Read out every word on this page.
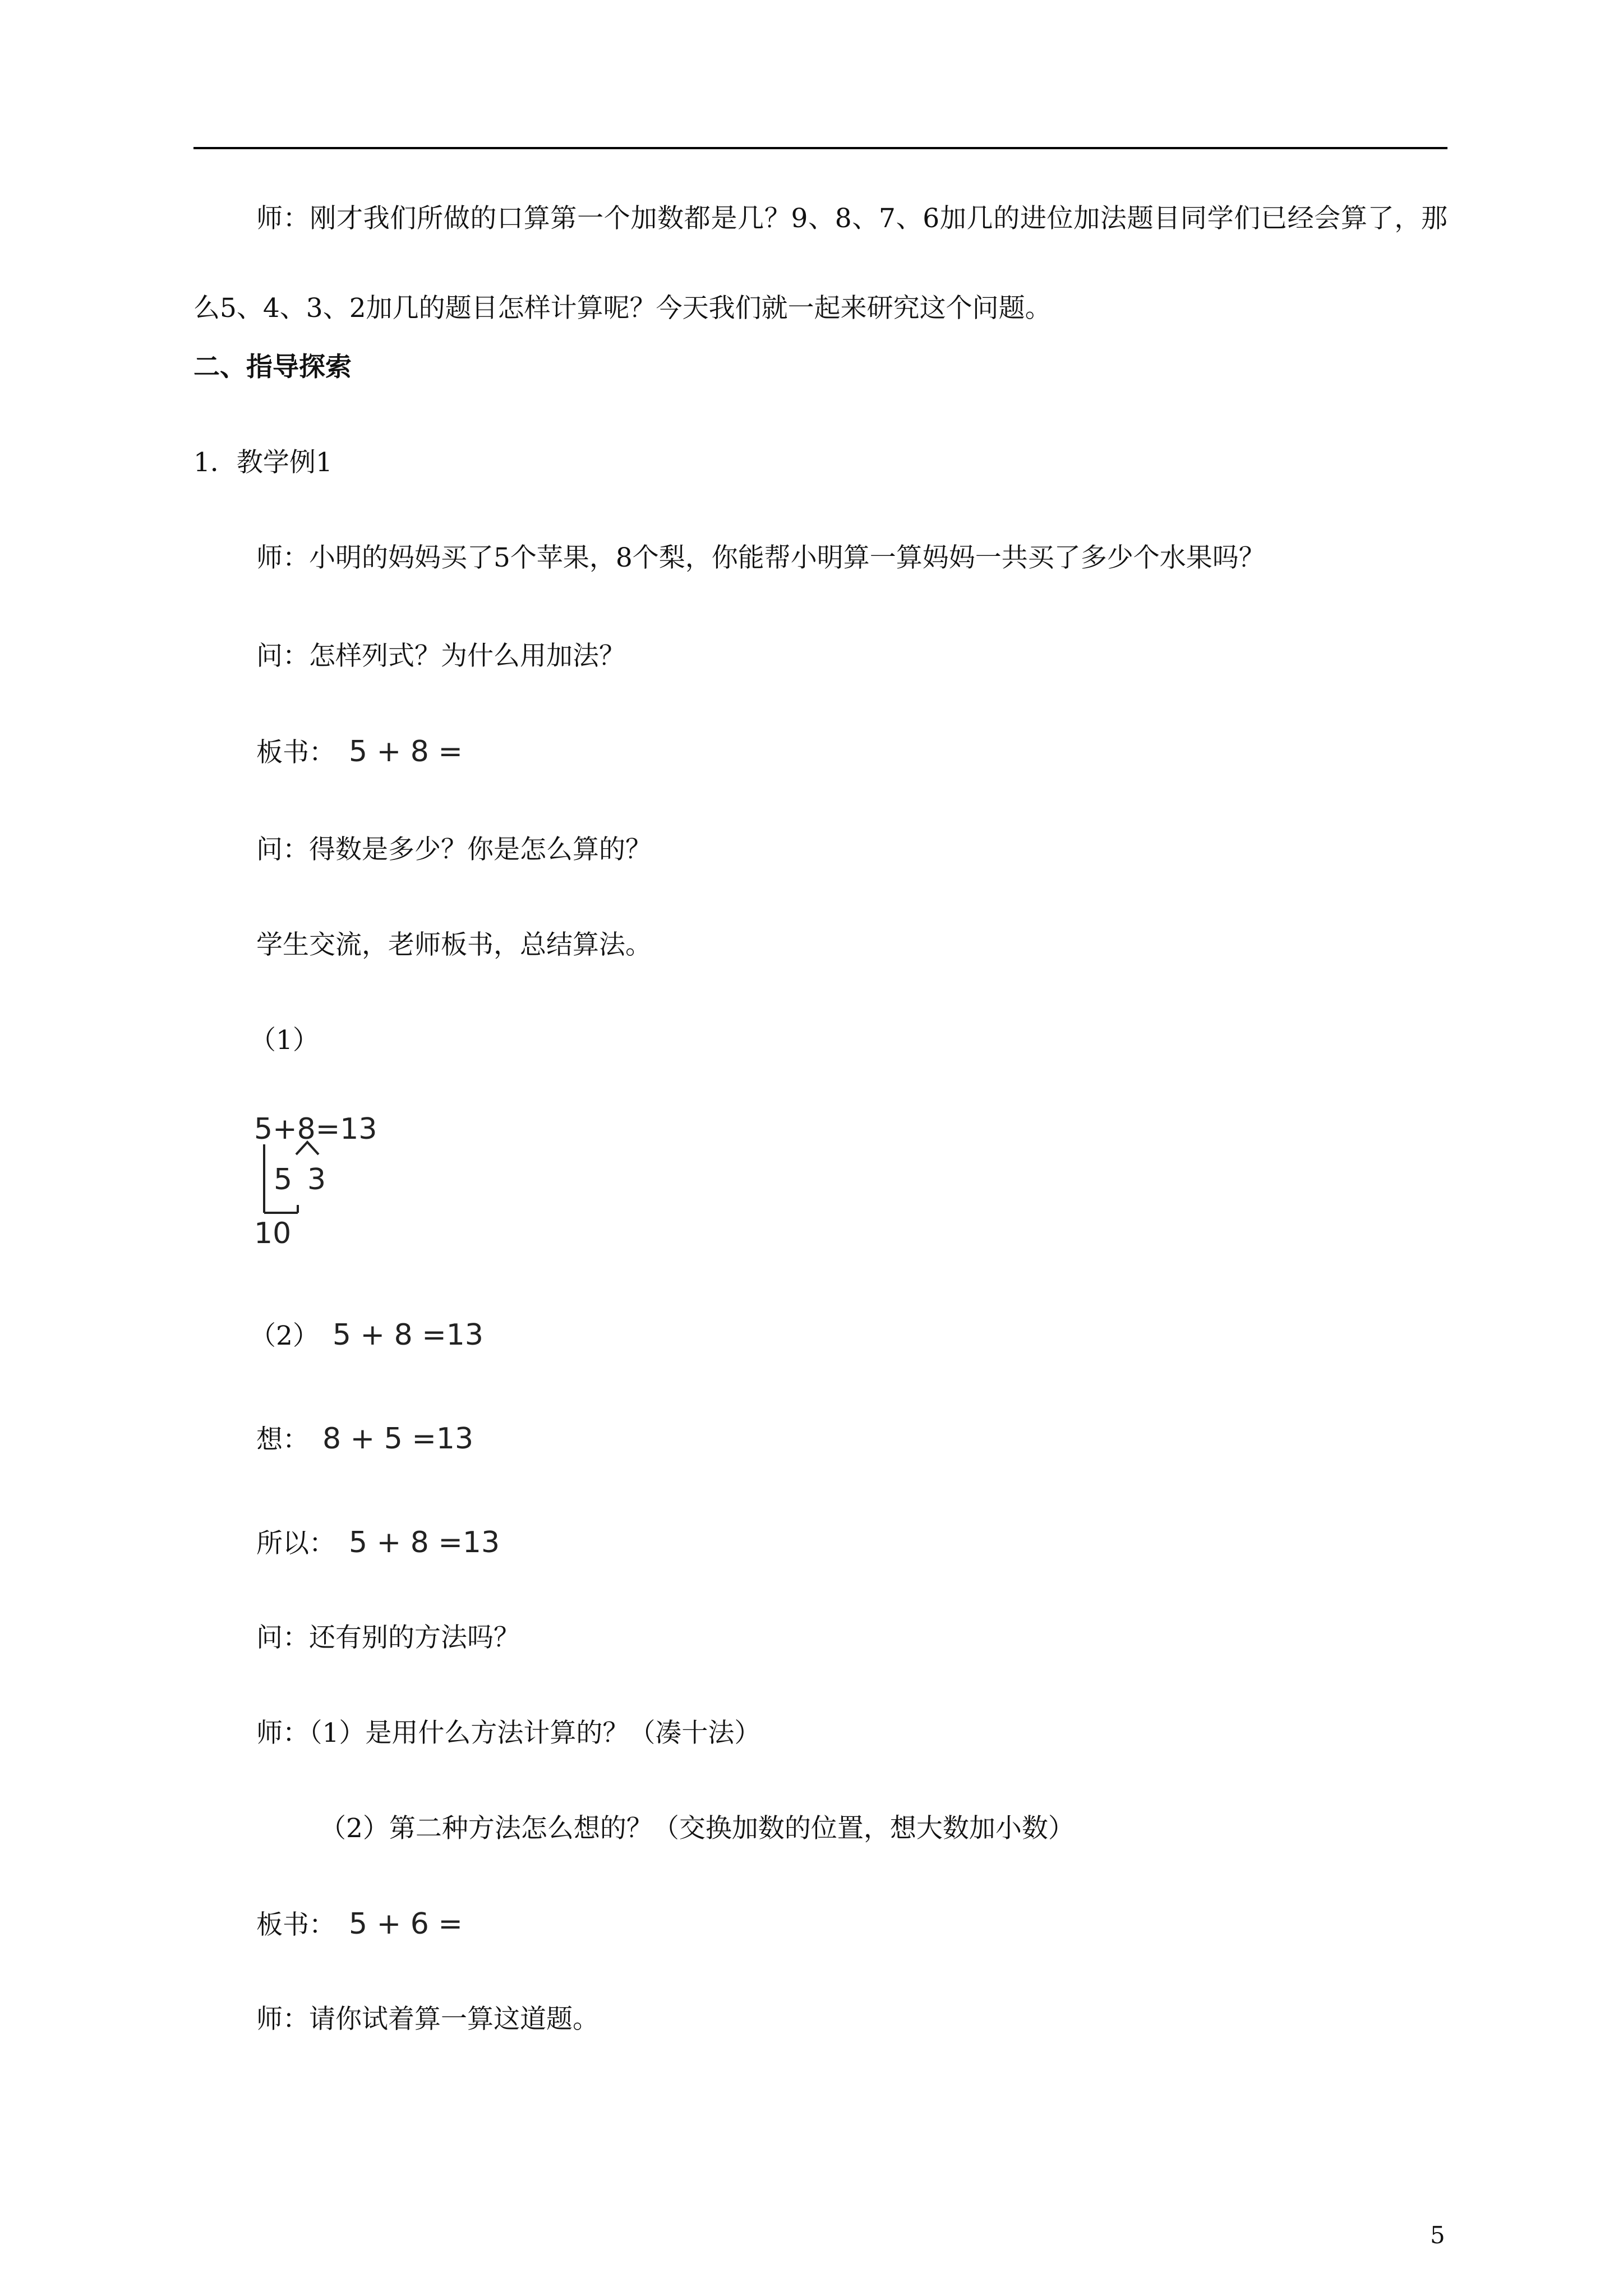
师：刚才我们所做的口算第一个加数都是几？9、8、7、6加几的进位加法题目同学们已经会算了，那么5、4、3、2加几的题目怎样计算呢？今天我们就一起来研究这个问题。

二、指导探索

1．教学例1

师：小明的妈妈买了5个苹果，8个梨，你能帮小明算一算妈妈一共买了多少个水果吗？

问：怎样列式？为什么用加法？

板书： 5 + 8 =

问：得数是多少？你是怎么算的？

学生交流，老师板书，总结算法。

（1）

5+8=13
5 3
10

（2） 5 + 8 =13

想： 8 + 5 =13

所以： 5 + 8 =13

问：还有别的方法吗？

师：（1）是用什么方法计算的？（凑十法）

（2）第二种方法怎么想的？（交换加数的位置，想大数加小数）

板书： 5 + 6 =

师：请你试着算一算这道题。

5
